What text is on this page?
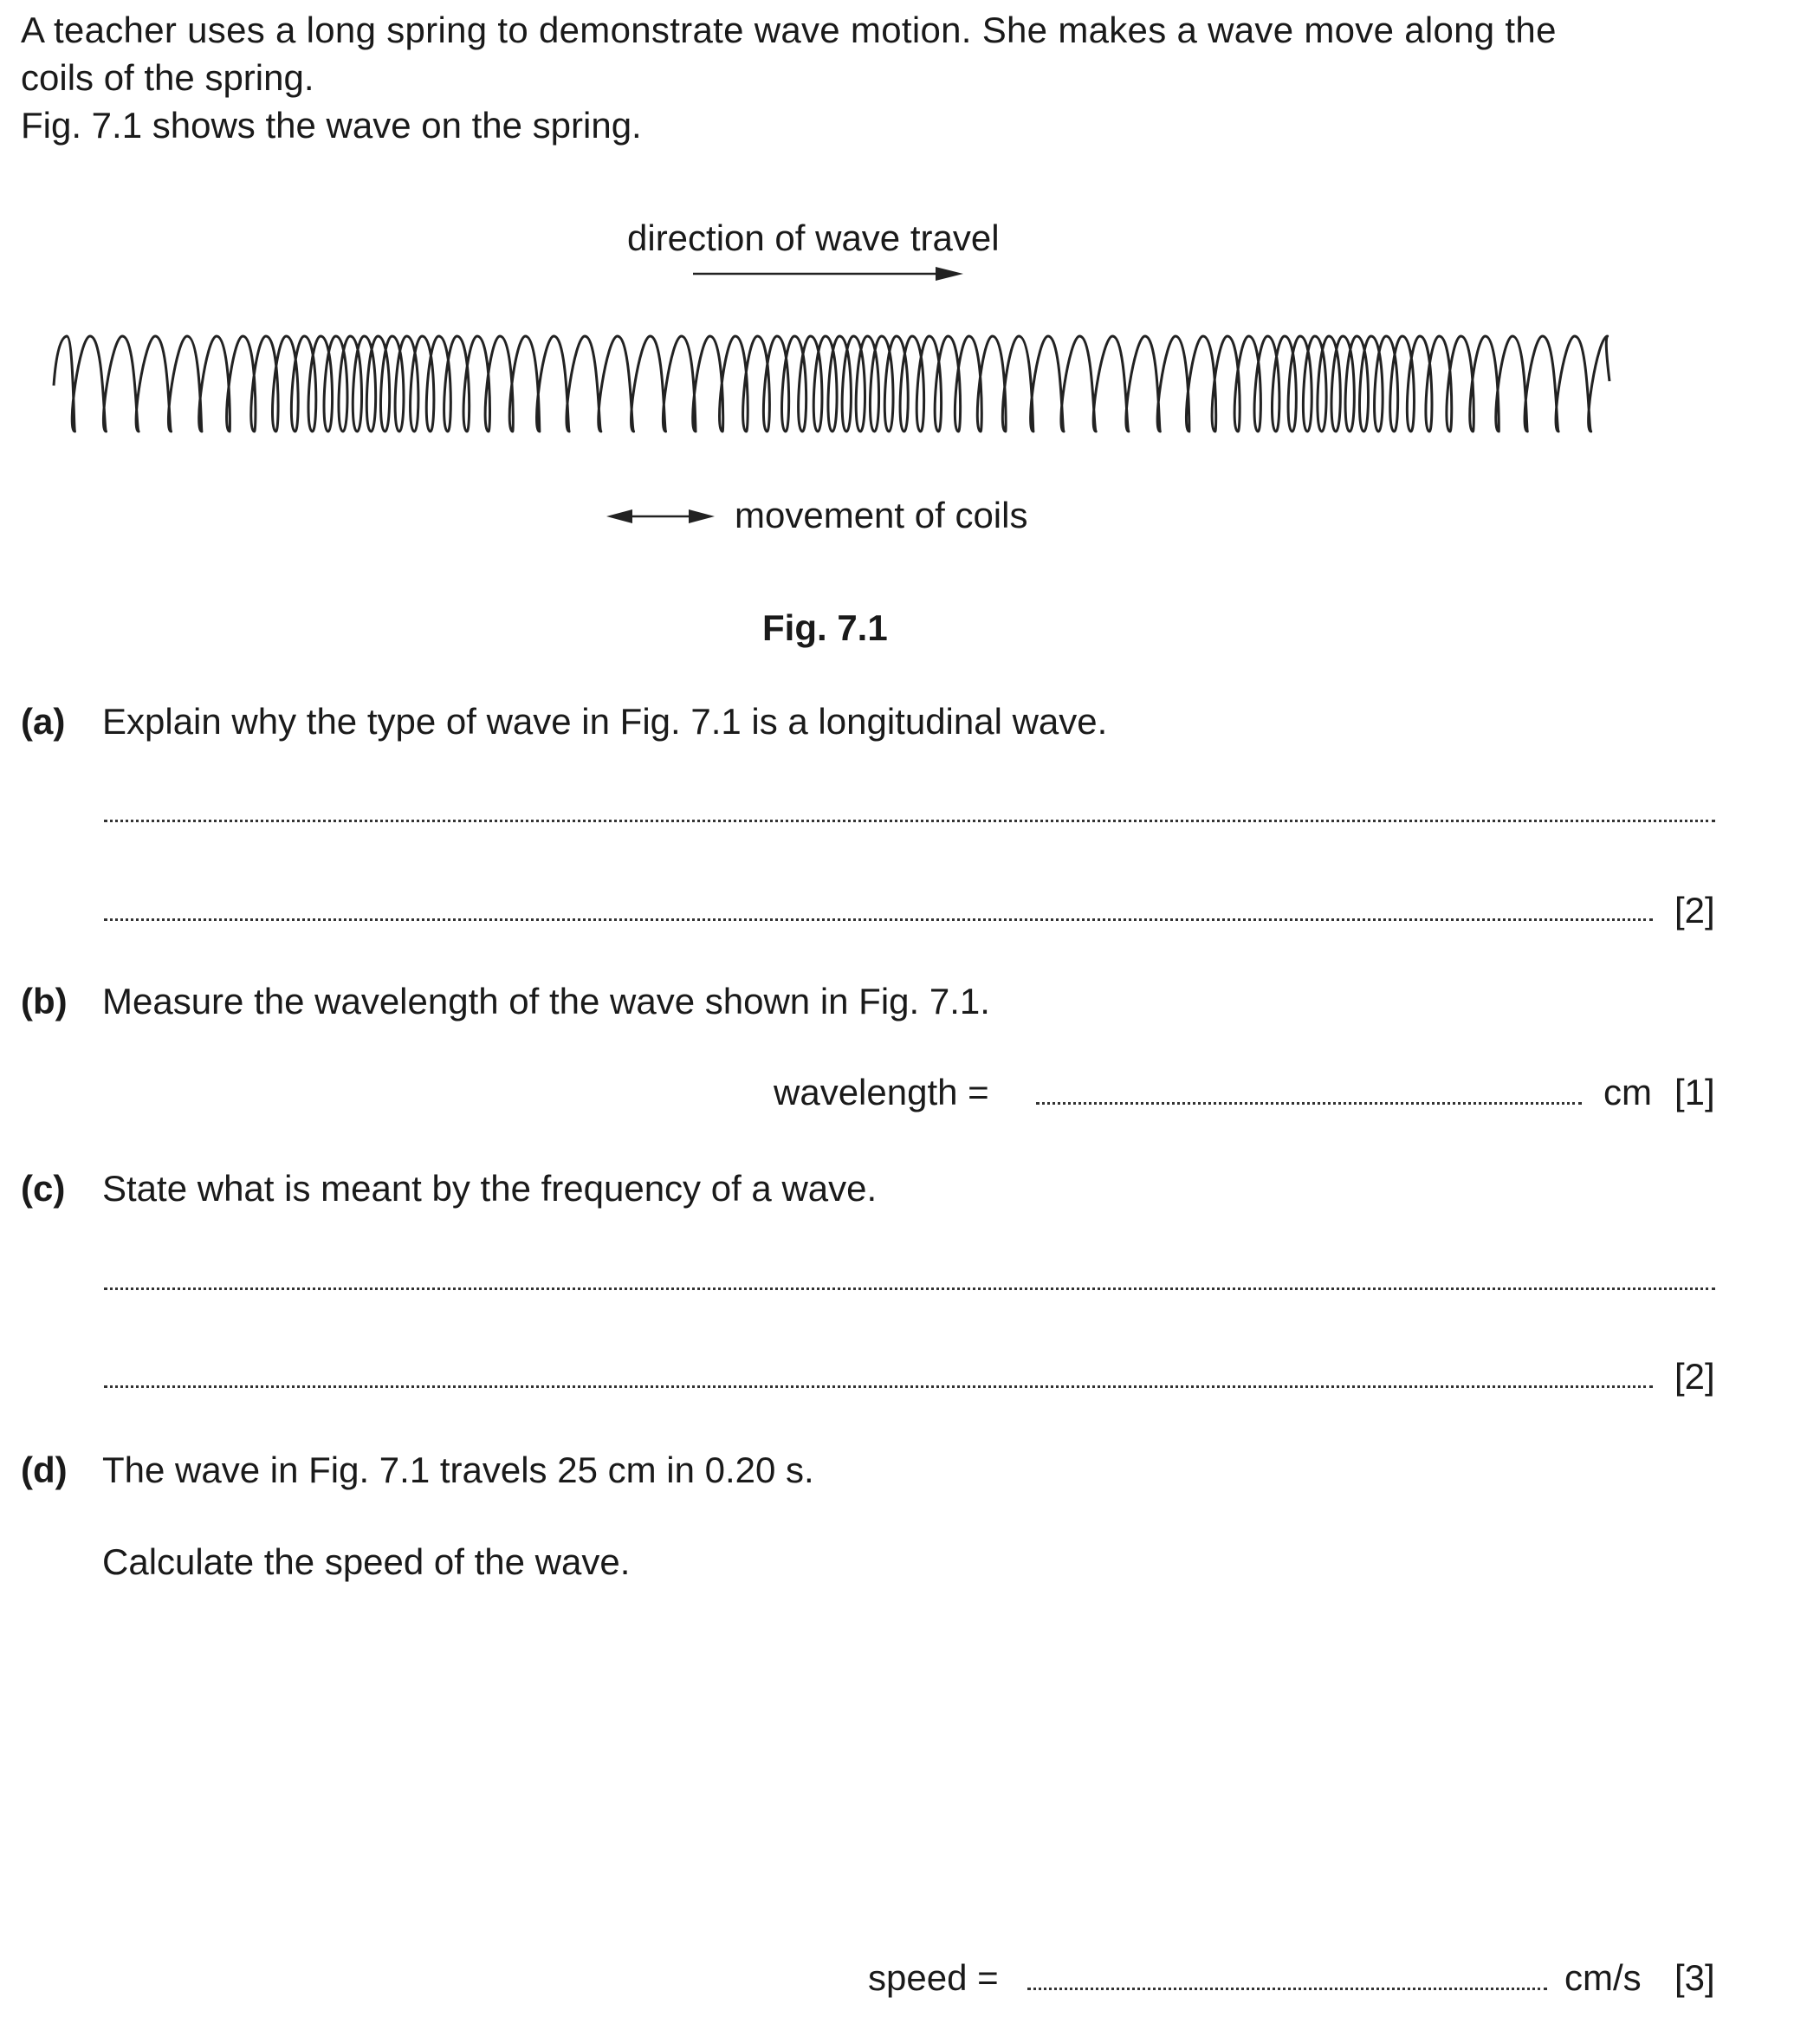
A teacher uses a long spring to demonstrate wave motion. She makes a wave move along the
coils of the spring.
Fig. 7.1 shows the wave on the spring.
direction of wave travel
movement of coils
Fig. 7.1
(a) Explain why the type of wave in Fig. 7.1 is a longitudinal wave.
[2]
(b) Measure the wavelength of the wave shown in Fig. 7.1.
wavelength =	cm [1]
(c) State what is meant by the frequency of a wave.
[2]
(d) The wave in Fig. 7.1 travels 25 cm in 0.20 s.
Calculate the speed of the wave.
speed =	cm/s [3]
